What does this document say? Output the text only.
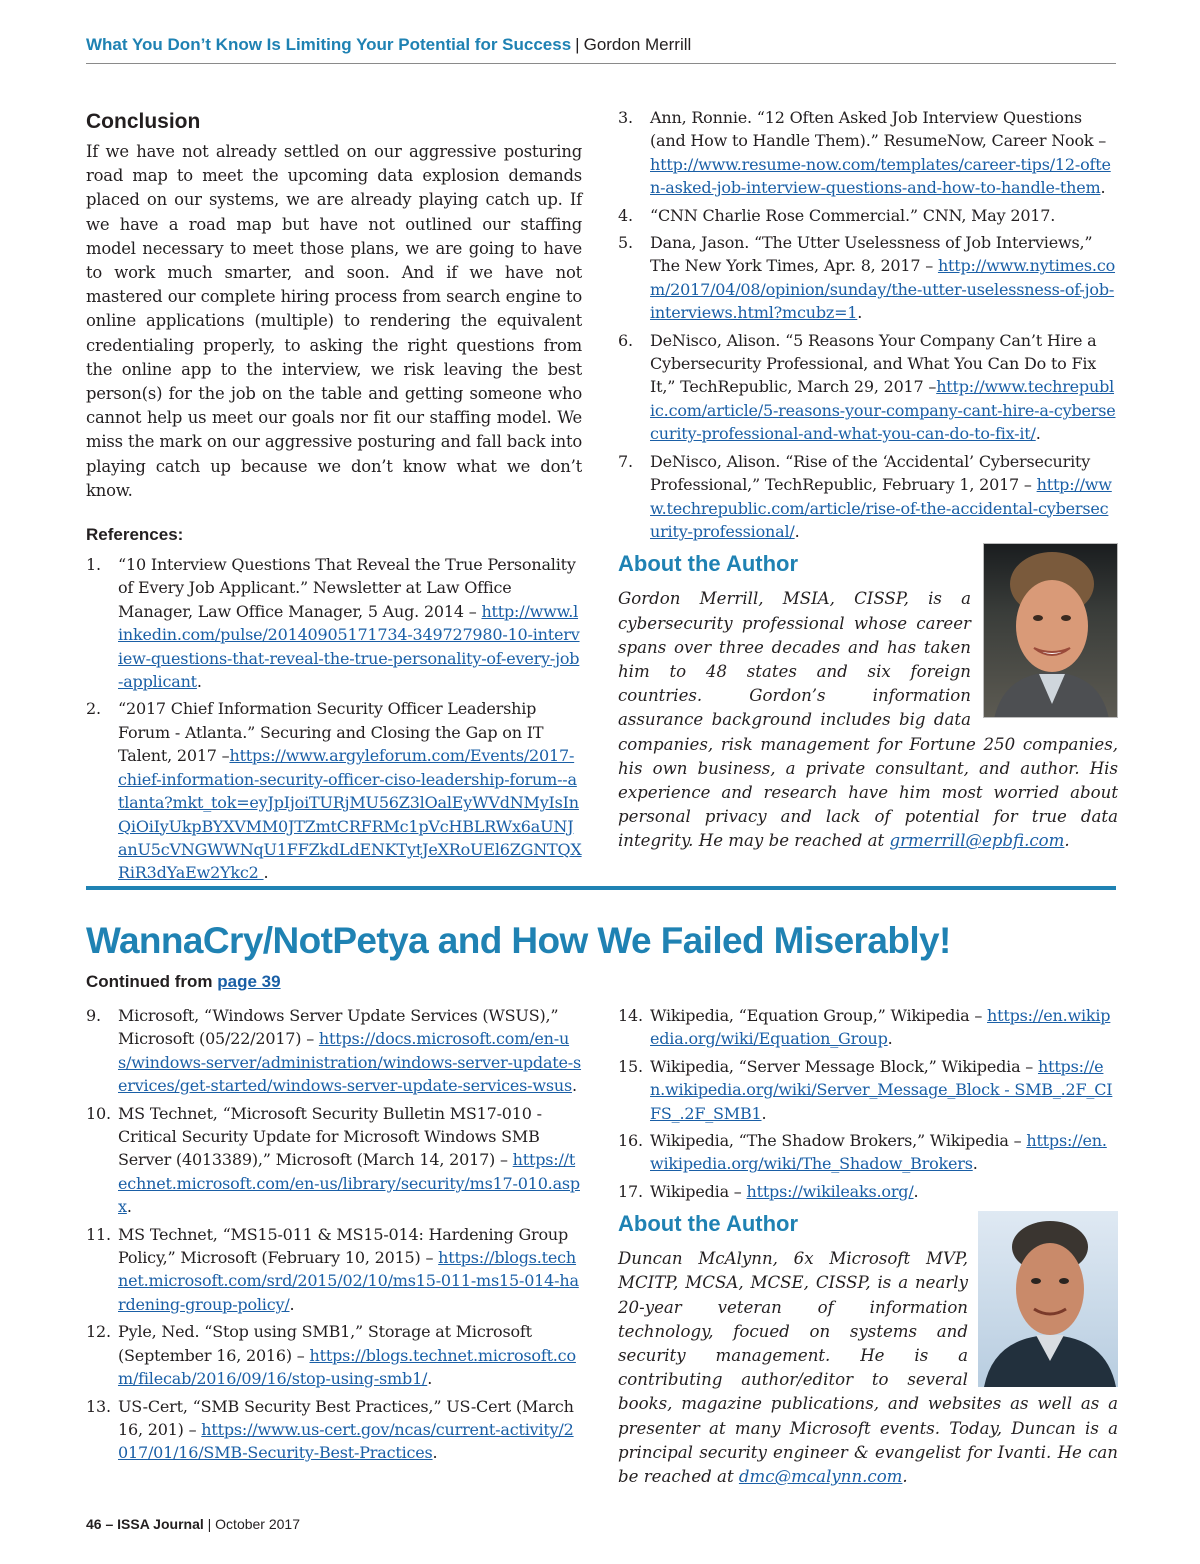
What You Don’t Know Is Limiting Your Potential for Success | Gordon Merrill
Conclusion

If we have not already settled on our aggressive posturing road map to meet the upcoming data explosion demands placed on our systems, we are already playing catch up. If we have a road map but have not outlined our staffing model necessary to meet those plans, we are going to have to work much smarter, and soon. And if we have not mastered our complete hiring process from search engine to online applications (multiple) to rendering the equivalent credentialing properly, to asking the right questions from the online app to the interview, we risk leaving the best person(s) for the job on the table and getting someone who cannot help us meet our goals nor fit our staffing model. We miss the mark on our aggressive posturing and fall back into playing catch up because we don’t know what we don’t know.

References:
1. “10 Interview Questions That Reveal the True Personality of Every Job Applicant.” Newsletter at Law Office Manager, Law Office Manager, 5 Aug. 2014 – http://www.linkedin.com/pulse/20140905171734-349727980-10-interview-questions-that-reveal-the-true-personality-of-every-job-applicant.
2. “2017 Chief Information Security Officer Leadership Forum - Atlanta.” Securing and Closing the Gap on IT Talent, 2017 –https://www.argyleforum.com/Events/2017-chief-information-security-officer-ciso-leadership-forum--atlanta?mkt_tok=eyJpIjoiTURjMU56Z3lOalEyWVdNMyIsInQiOiIyUkpBYXVMM0JTZmtCRFRMc1pVcHBLRWx6aUNJanU5cVNGWWNqU1FFZkdLdENKTytJeXRoUEl6ZGNTQXRiR3dYaEw2Ykc2 .
3. Ann, Ronnie. “12 Often Asked Job Interview Questions (and How to Handle Them).” ResumeNow, Career Nook – http://www.resume-now.com/templates/career-tips/12-often-asked-job-interview-questions-and-how-to-handle-them.
4. “CNN Charlie Rose Commercial.” CNN, May 2017.
5. Dana, Jason. “The Utter Uselessness of Job Interviews,” The New York Times, Apr. 8, 2017 – http://www.nytimes.com/2017/04/08/opinion/sunday/the-utter-uselessness-of-job-interviews.html?mcubz=1.
6. DeNisco, Alison. “5 Reasons Your Company Can’t Hire a Cybersecurity Professional, and What You Can Do to Fix It,” TechRepublic, March 29, 2017 –http://www.techrepublic.com/article/5-reasons-your-company-cant-hire-a-cybersecurity-professional-and-what-you-can-do-to-fix-it/.
7. DeNisco, Alison. “Rise of the ‘Accidental’ Cybersecurity Professional,” TechRepublic, February 1, 2017 – http://www.techrepublic.com/article/rise-of-the-accidental-cybersecurity-professional/.
About the Author

Gordon Merrill, MSIA, CISSP, is a cybersecurity professional whose career spans over three decades and has taken him to 48 states and six foreign countries. Gordon’s information assurance background includes big data companies, risk management for Fortune 250 companies, his own business, a private consultant, and author. His experience and research have him most worried about personal privacy and lack of potential for true data integrity. He may be reached at grmerrill@epbfi.com.

WannaCry/NotPetya and How We Failed Miserably!
Continued from page 39
9. Microsoft, “Windows Server Update Services (WSUS),” Microsoft (05/22/2017) – https://docs.microsoft.com/en-us/windows-server/administration/windows-server-update-services/get-started/windows-server-update-services-wsus.
10. MS Technet, “Microsoft Security Bulletin MS17-010 - Critical Security Update for Microsoft Windows SMB Server (4013389),” Microsoft (March 14, 2017) – https://technet.microsoft.com/en-us/library/security/ms17-010.aspx.
11. MS Technet, “MS15-011 & MS15-014: Hardening Group Policy,” Microsoft (February 10, 2015) – https://blogs.technet.microsoft.com/srd/2015/02/10/ms15-011-ms15-014-hardening-group-policy/.
12. Pyle, Ned. “Stop using SMB1,” Storage at Microsoft (September 16, 2016) – https://blogs.technet.microsoft.com/filecab/2016/09/16/stop-using-smb1/.
13. US-Cert, “SMB Security Best Practices,” US-Cert (March 16, 201) – https://www.us-cert.gov/ncas/current-activity/2017/01/16/SMB-Security-Best-Practices.
14. Wikipedia, “Equation Group,” Wikipedia – https://en.wikipedia.org/wiki/Equation_Group.
15. Wikipedia, “Server Message Block,” Wikipedia – https://en.wikipedia.org/wiki/Server_Message_Block - SMB_.2F_CIFS_.2F_SMB1.
16. Wikipedia, “The Shadow Brokers,” Wikipedia – https://en.wikipedia.org/wiki/The_Shadow_Brokers.
17. Wikipedia – https://wikileaks.org/.
About the Author

Duncan McAlynn, 6x Microsoft MVP, MCITP, MCSA, MCSE, CISSP, is a nearly 20-year veteran of information technology, focued on systems and security management. He is a contributing author/editor to several books, magazine publications, and websites as well as a presenter at many Microsoft events. Today, Duncan is a principal security engineer & evangelist for Ivanti. He can be reached at dmc@mcalynn.com.

46 – ISSA Journal | October 2017
